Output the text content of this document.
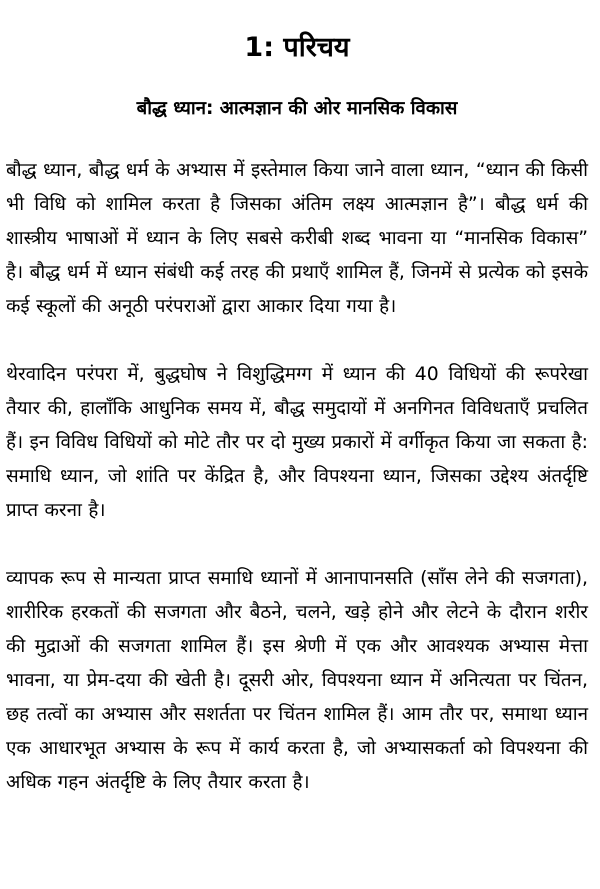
1: परिचय
बौद्ध ध्यान: आत्मज्ञान की ओर मानसिक विकास

बौद्ध ध्यान, बौद्ध धर्म के अभ्यास में इस्तेमाल किया जाने वाला ध्यान, “ध्यान की किसी भी विधि को शामिल करता है जिसका अंतिम लक्ष्य आत्मज्ञान है”। बौद्ध धर्म की शास्त्रीय भाषाओं में ध्यान के लिए सबसे करीबी शब्द भावना या “मानसिक विकास” है। बौद्ध धर्म में ध्यान संबंधी कई तरह की प्रथाएँ शामिल हैं, जिनमें से प्रत्येक को इसके कई स्कूलों की अनूठी परंपराओं द्वारा आकार दिया गया है।

थेरवादिन परंपरा में, बुद्धघोष ने विशुद्धिमग्ग में ध्यान की 40 विधियों की रूपरेखा तैयार की, हालाँकि आधुनिक समय में, बौद्ध समुदायों में अनगिनत विविधताएँ प्रचलित हैं। इन विविध विधियों को मोटे तौर पर दो मुख्य प्रकारों में वर्गीकृत किया जा सकता है: समाधि ध्यान, जो शांति पर केंद्रित है, और विपश्यना ध्यान, जिसका उद्देश्य अंतर्दृष्टि प्राप्त करना है।

व्यापक रूप से मान्यता प्राप्त समाधि ध्यानों में आनापानसति (साँस लेने की सजगता), शारीरिक हरकतों की सजगता और बैठने, चलने, खड़े होने और लेटने के दौरान शरीर की मुद्राओं की सजगता शामिल हैं। इस श्रेणी में एक और आवश्यक अभ्यास मेत्ता भावना, या प्रेम-दया की खेती है। दूसरी ओर, विपश्यना ध्यान में अनित्यता पर चिंतन, छह तत्वों का अभ्यास और सशर्तता पर चिंतन शामिल हैं। आम तौर पर, समाथा ध्यान एक आधारभूत अभ्यास के रूप में कार्य करता है, जो अभ्यासकर्ता को विपश्यना की अधिक गहन अंतर्दृष्टि के लिए तैयार करता है।
